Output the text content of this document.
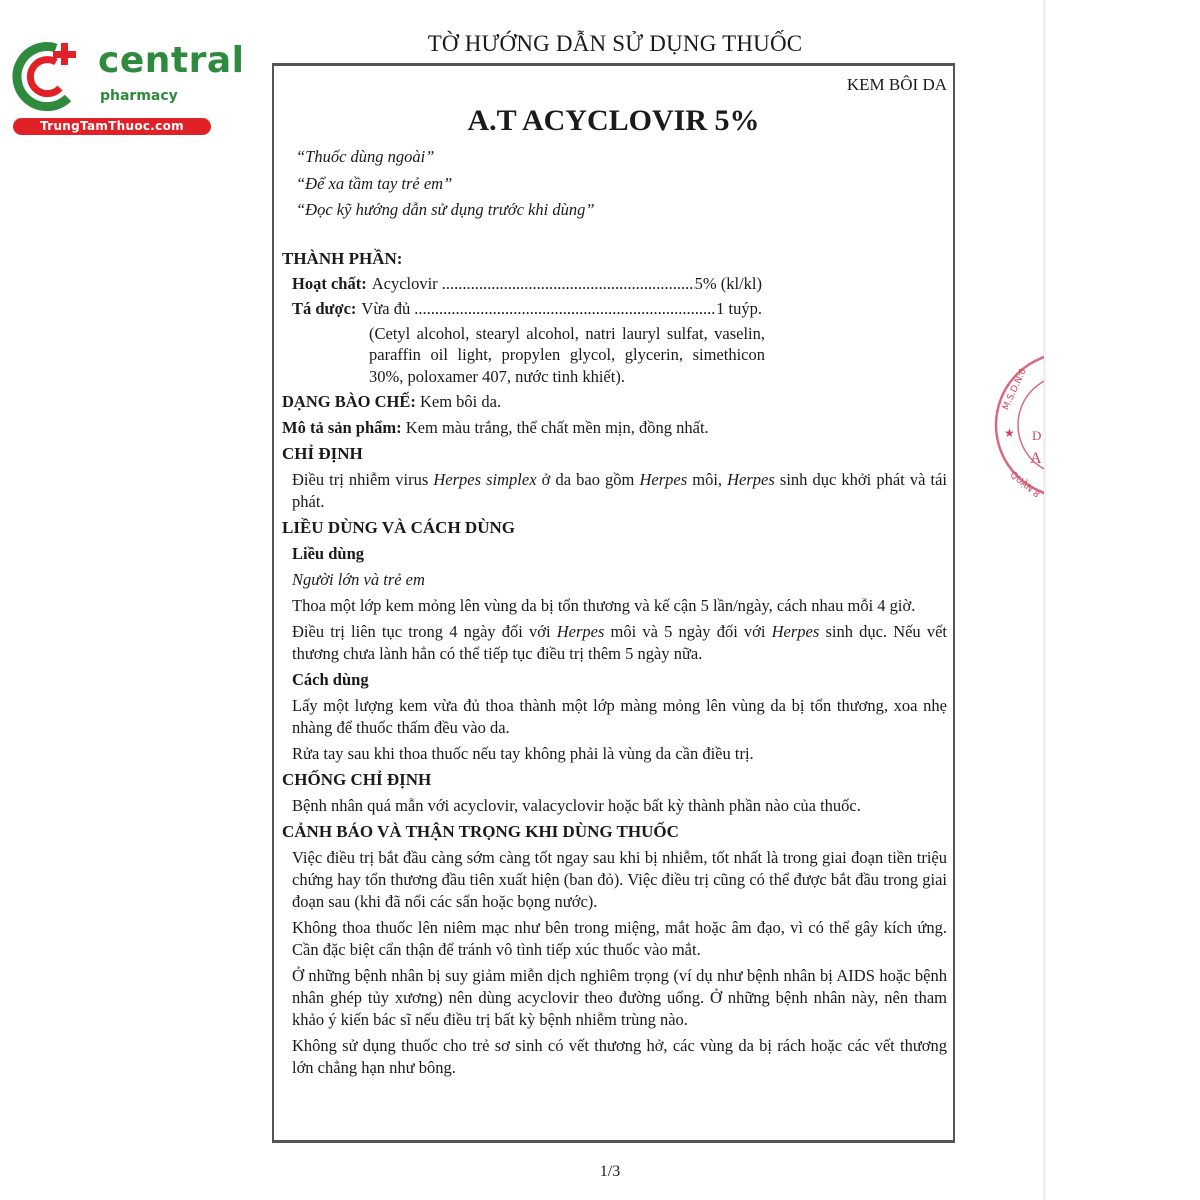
central
pharmacy
TrungTamThuoc.com
TỜ HƯỚNG DẪN SỬ DỤNG THUỐC
KEM BÔI DA
A.T ACYCLOVIR 5%
“Thuốc dùng ngoài”
“Để xa tầm tay trẻ em”
“Đọc kỹ hướng dẫn sử dụng trước khi dùng”
THÀNH PHẦN:
Hoạt chất: Acyclovir .....	5% (kl/kl)
Tá dược: Vừa đủ .....	1 tuýp.
(Cetyl alcohol, stearyl alcohol, natri lauryl sulfat, vaselin, paraffin oil light, propylen glycol, glycerin, simethicon 30%, poloxamer 407, nước tinh khiết).
DẠNG BÀO CHẾ: Kem bôi da.
Mô tả sản phẩm: Kem màu trắng, thể chất mền mịn, đồng nhất.
CHỈ ĐỊNH
Điều trị nhiễm virus Herpes simplex ở da bao gồm Herpes môi, Herpes sinh dục khởi phát và tái phát.
LIỀU DÙNG VÀ CÁCH DÙNG
Liều dùng
Người lớn và trẻ em
Thoa một lớp kem mỏng lên vùng da bị tổn thương và kế cận 5 lần/ngày, cách nhau mỗi 4 giờ.
Điều trị liên tục trong 4 ngày đối với Herpes môi và 5 ngày đối với Herpes sinh dục. Nếu vết thương chưa lành hẳn có thể tiếp tục điều trị thêm 5 ngày nữa.
Cách dùng
Lấy một lượng kem vừa đủ thoa thành một lớp màng mỏng lên vùng da bị tổn thương, xoa nhẹ nhàng để thuốc thấm đều vào da.
Rửa tay sau khi thoa thuốc nếu tay không phải là vùng da cần điều trị.
CHỐNG CHỈ ĐỊNH
Bệnh nhân quá mẫn với acyclovir, valacyclovir hoặc bất kỳ thành phần nào của thuốc.
CẢNH BÁO VÀ THẬN TRỌNG KHI DÙNG THUỐC
Việc điều trị bắt đầu càng sớm càng tốt ngay sau khi bị nhiễm, tốt nhất là trong giai đoạn tiền triệu chứng hay tổn thương đầu tiên xuất hiện (ban đỏ). Việc điều trị cũng có thể được bắt đầu trong giai đoạn sau (khi đã nổi các sẩn hoặc bọng nước).
Không thoa thuốc lên niêm mạc như bên trong miệng, mắt hoặc âm đạo, vì có thể gây kích ứng. Cần đặc biệt cẩn thận để tránh vô tình tiếp xúc thuốc vào mắt.
Ở những bệnh nhân bị suy giảm miễn dịch nghiêm trọng (ví dụ như bệnh nhân bị AIDS hoặc bệnh nhân ghép tủy xương) nên dùng acyclovir theo đường uống. Ở những bệnh nhân này, nên tham khảo ý kiến bác sĩ nếu điều trị bất kỳ bệnh nhiễm trùng nào.
Không sử dụng thuốc cho trẻ sơ sinh có vết thương hở, các vùng da bị rách hoặc các vết thương lớn chẳng hạn như bông.
★ D
A
M.S.D.N:0
QUẬN 8
1/3
